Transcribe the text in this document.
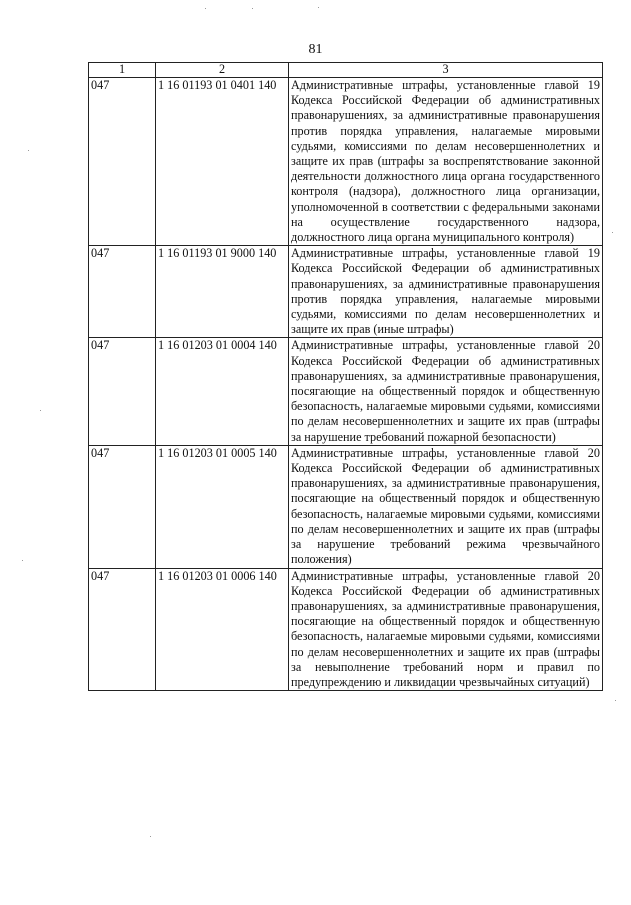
81
1	2	3
047	1 16 01193 01 0401 140	Административные штрафы, установленные главой 19 Кодекса Российской Федерации об административных правонарушениях, за административные правонарушения против порядка управления, налагаемые мировыми судьями, комиссиями по делам несовершеннолетних и защите их прав (штрафы за воспрепятствование законной деятельности должностного лица органа государственного контроля (надзора), должностного лица организации, уполномоченной в соответствии с федеральными законами на осуществление государственного надзора, должностного лица органа муниципального контроля)
047	1 16 01193 01 9000 140	Административные штрафы, установленные главой 19 Кодекса Российской Федерации об административных правонарушениях, за административные правонарушения против порядка управления, налагаемые мировыми судьями, комиссиями по делам несовершеннолетних и защите их прав (иные штрафы)
047	1 16 01203 01 0004 140	Административные штрафы, установленные главой 20 Кодекса Российской Федерации об административных правонарушениях, за административные правонарушения, посягающие на общественный порядок и общественную безопасность, налагаемые мировыми судьями, комиссиями по делам несовершеннолетних и защите их прав (штрафы за нарушение требований пожарной безопасности)
047	1 16 01203 01 0005 140	Административные штрафы, установленные главой 20 Кодекса Российской Федерации об административных правонарушениях, за административные правонарушения, посягающие на общественный порядок и общественную безопасность, налагаемые мировыми судьями, комиссиями по делам несовершеннолетних и защите их прав (штрафы за нарушение требований режима чрезвычайного положения)
047	1 16 01203 01 0006 140	Административные штрафы, установленные главой 20 Кодекса Российской Федерации об административных правонарушениях, за административные правонарушения, посягающие на общественный порядок и общественную безопасность, налагаемые мировыми судьями, комиссиями по делам несовершеннолетних и защите их прав (штрафы за невыполнение требований норм и правил по предупреждению и ликвидации чрезвычайных ситуаций)
